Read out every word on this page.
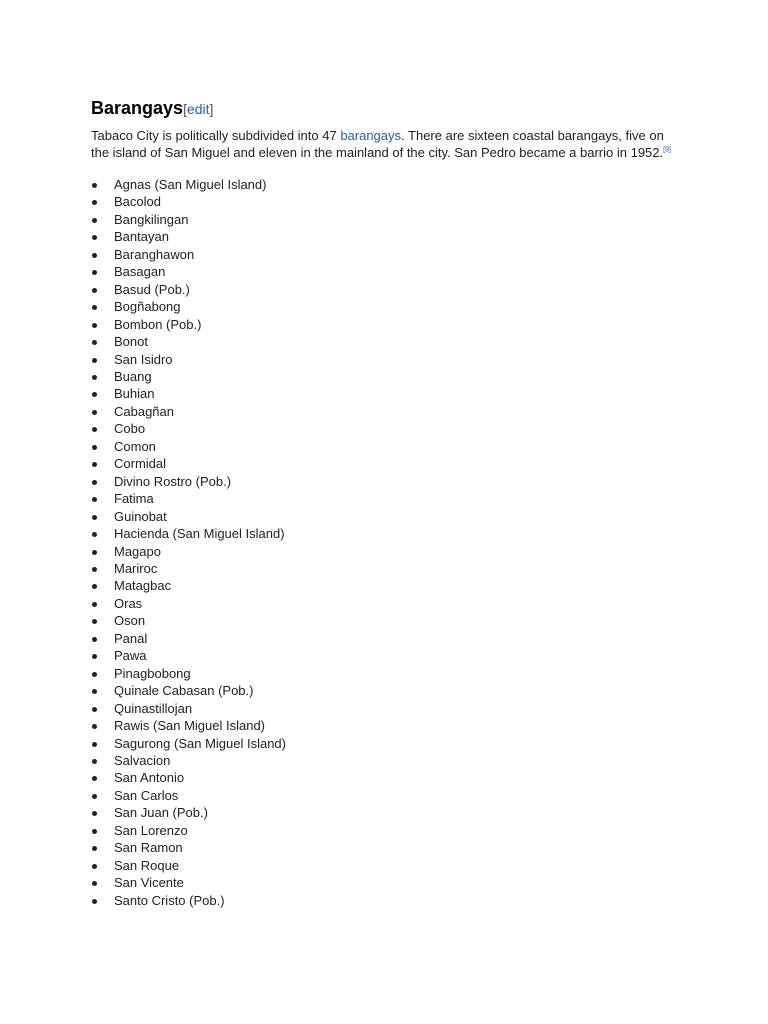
Barangays[edit]

Tabaco City is politically subdivided into 47 barangays. There are sixteen coastal barangays, five on the island of San Miguel and eleven in the mainland of the city. San Pedro became a barrio in 1952.[9]

Agnas (San Miguel Island)
Bacolod
Bangkilingan
Bantayan
Baranghawon
Basagan
Basud (Pob.)
Bogñabong
Bombon (Pob.)
Bonot
San Isidro
Buang
Buhian
Cabagñan
Cobo
Comon
Cormidal
Divino Rostro (Pob.)
Fatima
Guinobat
Hacienda (San Miguel Island)
Magapo
Mariroc
Matagbac
Oras
Oson
Panal
Pawa
Pinagbobong
Quinale Cabasan (Pob.)
Quinastillojan
Rawis (San Miguel Island)
Sagurong (San Miguel Island)
Salvacion
San Antonio
San Carlos
San Juan (Pob.)
San Lorenzo
San Ramon
San Roque
San Vicente
Santo Cristo (Pob.)
